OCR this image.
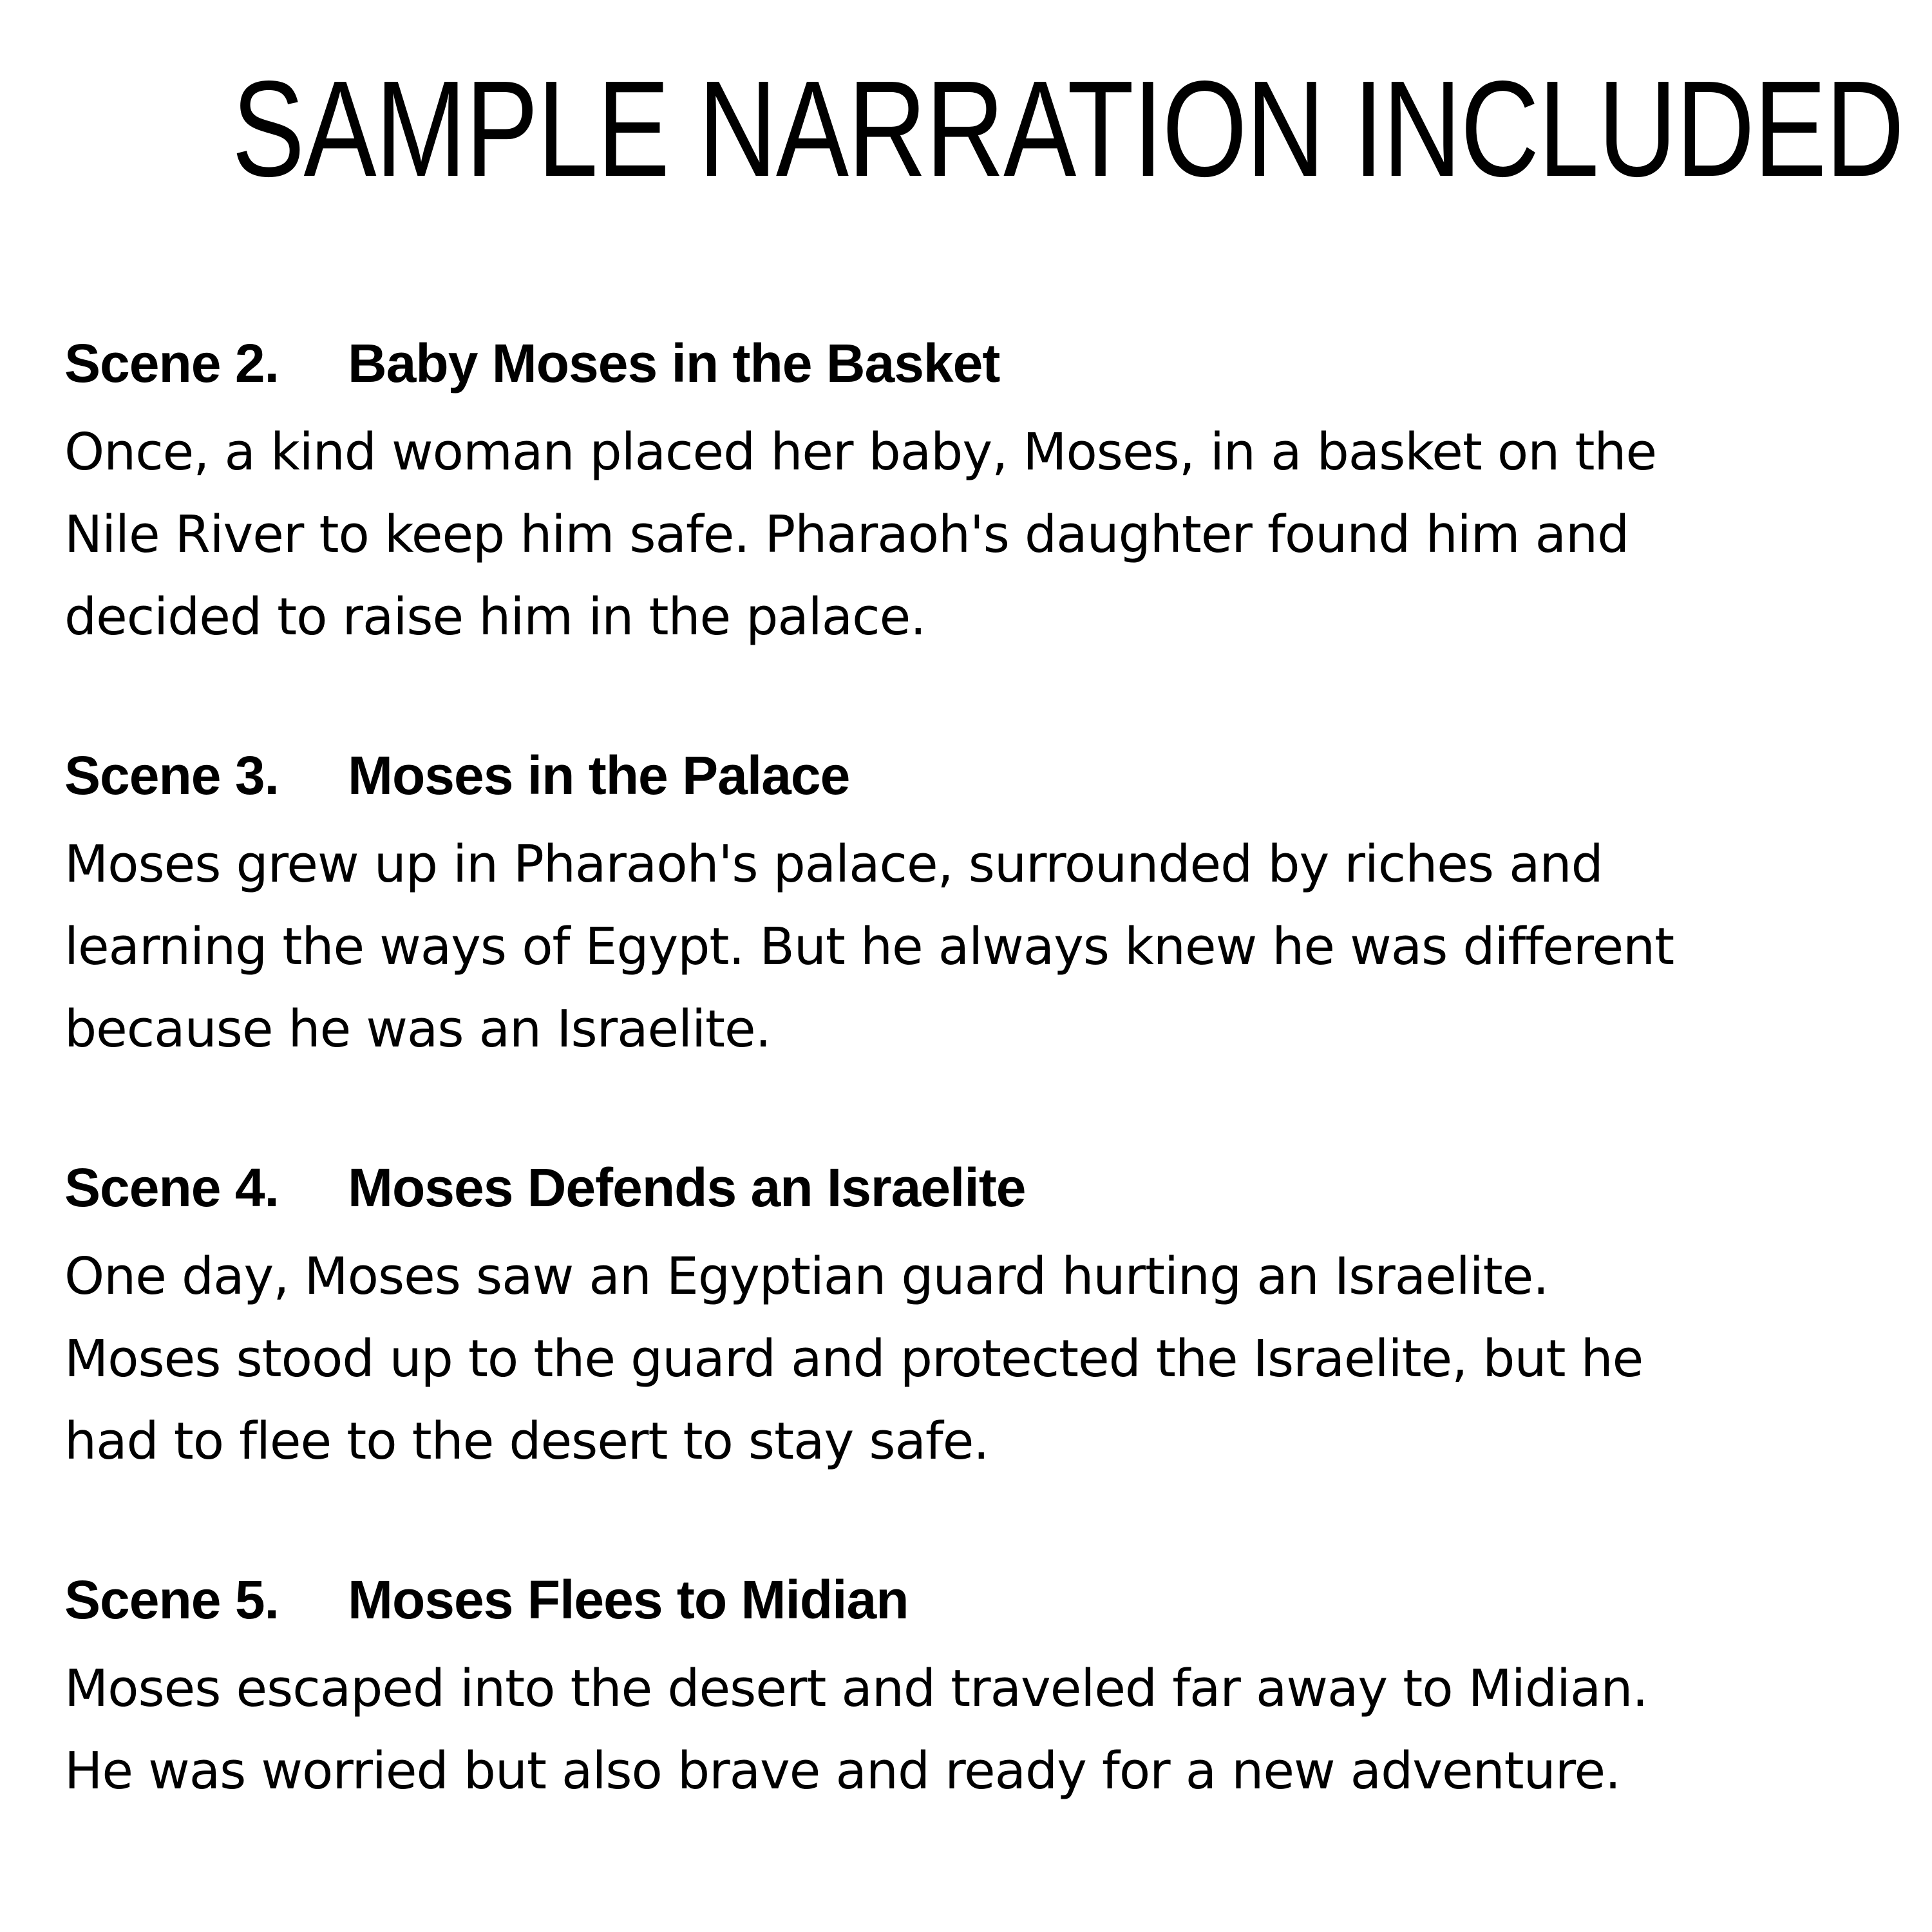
SAMPLE NARRATION INCLUDED
Scene 2. Baby Moses in the Basket

Once, a kind woman placed her baby, Moses, in a basket on the
Nile River to keep him safe. Pharaoh's daughter found him and
decided to raise him in the palace.

Scene 3. Moses in the Palace

Moses grew up in Pharaoh's palace, surrounded by riches and
learning the ways of Egypt. But he always knew he was different
because he was an Israelite.

Scene 4. Moses Defends an Israelite

One day, Moses saw an Egyptian guard hurting an Israelite.
Moses stood up to the guard and protected the Israelite, but he
had to flee to the desert to stay safe.

Scene 5. Moses Flees to Midian

Moses escaped into the desert and traveled far away to Midian.
He was worried but also brave and ready for a new adventure.
